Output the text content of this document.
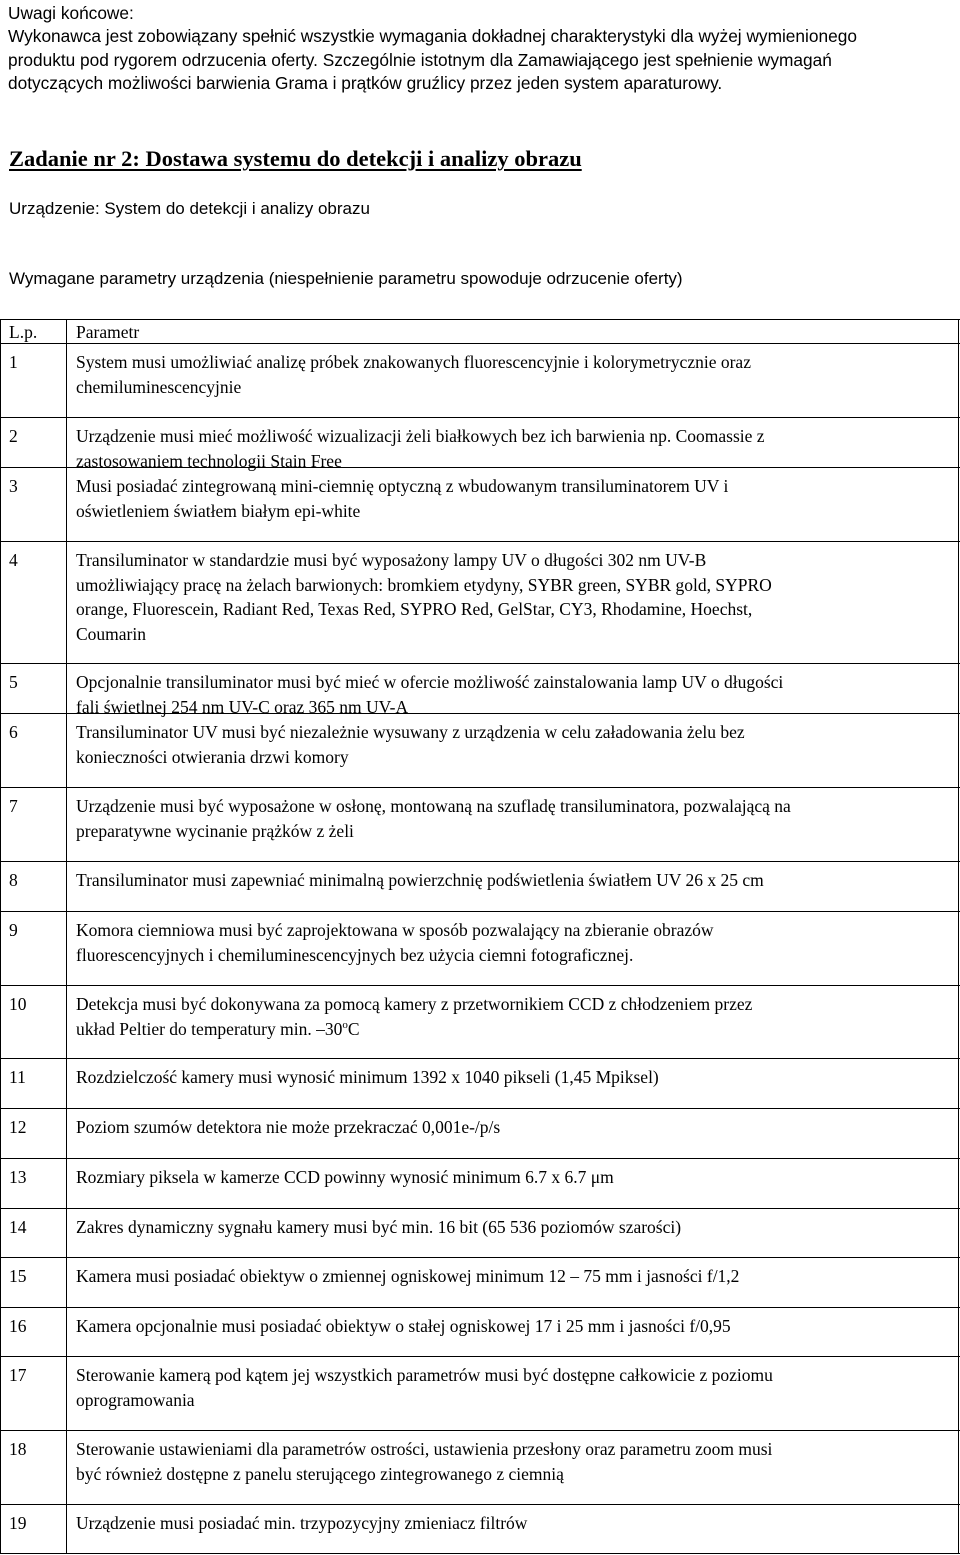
Uwagi końcowe:
Wykonawca jest zobowiązany spełnić wszystkie wymagania dokładnej charakterystyki dla wyżej wymienionego
produktu pod rygorem odrzucenia oferty. Szczególnie istotnym dla Zamawiającego jest spełnienie wymagań
dotyczących możliwości barwienia Grama i prątków gruźlicy przez jeden system aparaturowy.
Zadanie nr 2: Dostawa systemu do detekcji i analizy obrazu
Urządzenie: System do detekcji i analizy obrazu
Wymagane parametry urządzenia (niespełnienie parametru spowoduje odrzucenie oferty)
L.p. Parametr
1	System musi umożliwiać analizę próbek znakowanych fluorescencyjnie i kolorymetrycznie oraz
chemiluminescencyjnie
2	Urządzenie musi mieć możliwość wizualizacji żeli białkowych bez ich barwienia np. Coomassie z
zastosowaniem technologii Stain Free
3	Musi posiadać zintegrowaną mini-ciemnię optyczną z wbudowanym transiluminatorem UV i
oświetleniem światłem białym epi-white
4	Transiluminator w standardzie musi być wyposażony lampy UV o długości 302 nm UV-B
umożliwiający pracę na żelach barwionych: bromkiem etydyny, SYBR green, SYBR gold, SYPRO
orange, Fluorescein, Radiant Red, Texas Red, SYPRO Red, GelStar, CY3, Rhodamine, Hoechst,
Coumarin
5	Opcjonalnie transiluminator musi być mieć w ofercie możliwość zainstalowania lamp UV o długości
fali świetlnej 254 nm UV-C oraz 365 nm UV-A
6	Transiluminator UV musi być niezależnie wysuwany z urządzenia w celu załadowania żelu bez
konieczności otwierania drzwi komory
7	Urządzenie musi być wyposażone w osłonę, montowaną na szufladę transiluminatora, pozwalającą na
preparatywne wycinanie prążków z żeli
8	Transiluminator musi zapewniać minimalną powierzchnię podświetlenia światłem UV 26 x 25 cm
9	Komora ciemniowa musi być zaprojektowana w sposób pozwalający na zbieranie obrazów
fluorescencyjnych i chemiluminescencyjnych bez użycia ciemni fotograficznej.
10	Detekcja musi być dokonywana za pomocą kamery z przetwornikiem CCD z chłodzeniem przez
układ Peltier do temperatury min. –30$^o$C
11	Rozdzielczość kamery musi wynosić minimum 1392 x 1040 pikseli (1,45 Mpiksel)
12	Poziom szumów detektora nie może przekraczać 0,001e-/p/s
13	Rozmiary piksela w kamerze CCD powinny wynosić minimum 6.7 x 6.7 μm
14	Zakres dynamiczny sygnału kamery musi być min. 16 bit (65 536 poziomów szarości)
15	Kamera musi posiadać obiektyw o zmiennej ogniskowej minimum 12 – 75 mm i jasności f/1,2
16	Kamera opcjonalnie musi posiadać obiektyw o stałej ogniskowej 17 i 25 mm i jasności f/0,95
17	Sterowanie kamerą pod kątem jej wszystkich parametrów musi być dostępne całkowicie z poziomu
oprogramowania
18	Sterowanie ustawieniami dla parametrów ostrości, ustawienia przesłony oraz parametru zoom musi
być również dostępne z panelu sterującego zintegrowanego z ciemnią
19	Urządzenie musi posiadać min. trzypozycyjny zmieniacz filtrów
